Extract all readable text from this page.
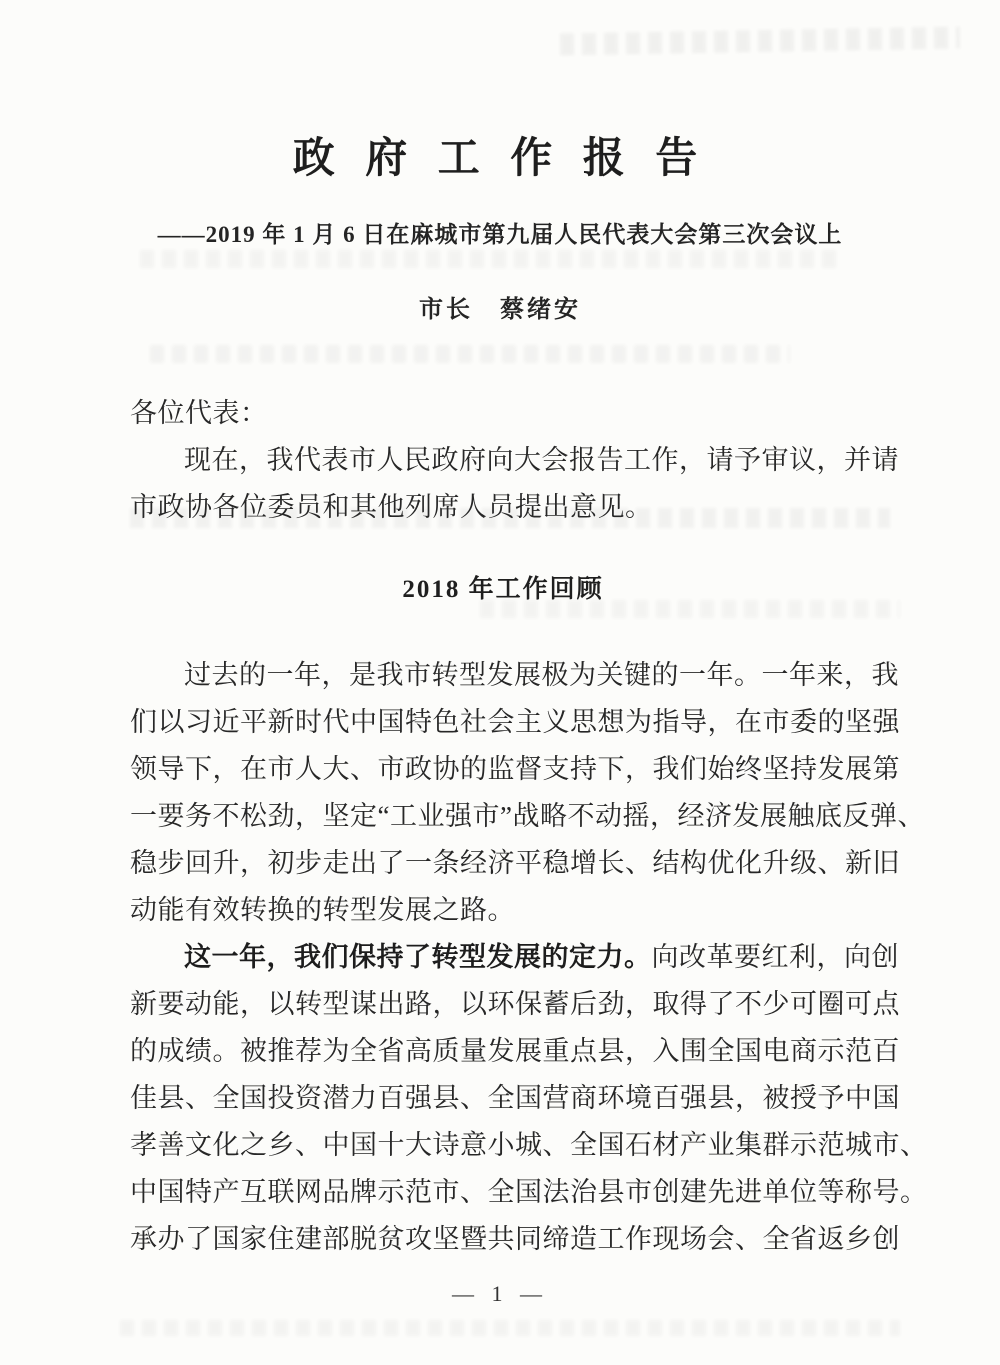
政 府 工 作 报 告

——2019 年 1 月 6 日在麻城市第九届人民代表大会第三次会议上

市长　蔡绪安

各位代表：
现在，我代表市人民政府向大会报告工作，请予审议，并请
市政协各位委员和其他列席人员提出意见。
2018 年工作回顾
过去的一年，是我市转型发展极为关键的一年。一年来，我
们以习近平新时代中国特色社会主义思想为指导，在市委的坚强
领导下，在市人大、市政协的监督支持下，我们始终坚持发展第
一要务不松劲，坚定“工业强市”战略不动摇，经济发展触底反弹、
稳步回升，初步走出了一条经济平稳增长、结构优化升级、新旧
动能有效转换的转型发展之路。
这一年，我们保持了转型发展的定力。向改革要红利，向创
新要动能，以转型谋出路，以环保蓄后劲，取得了不少可圈可点
的成绩。被推荐为全省高质量发展重点县，入围全国电商示范百
佳县、全国投资潜力百强县、全国营商环境百强县，被授予中国
孝善文化之乡、中国十大诗意小城、全国石材产业集群示范城市、
中国特产互联网品牌示范市、全国法治县市创建先进单位等称号。
承办了国家住建部脱贫攻坚暨共同缔造工作现场会、全省返乡创
— 1 —
